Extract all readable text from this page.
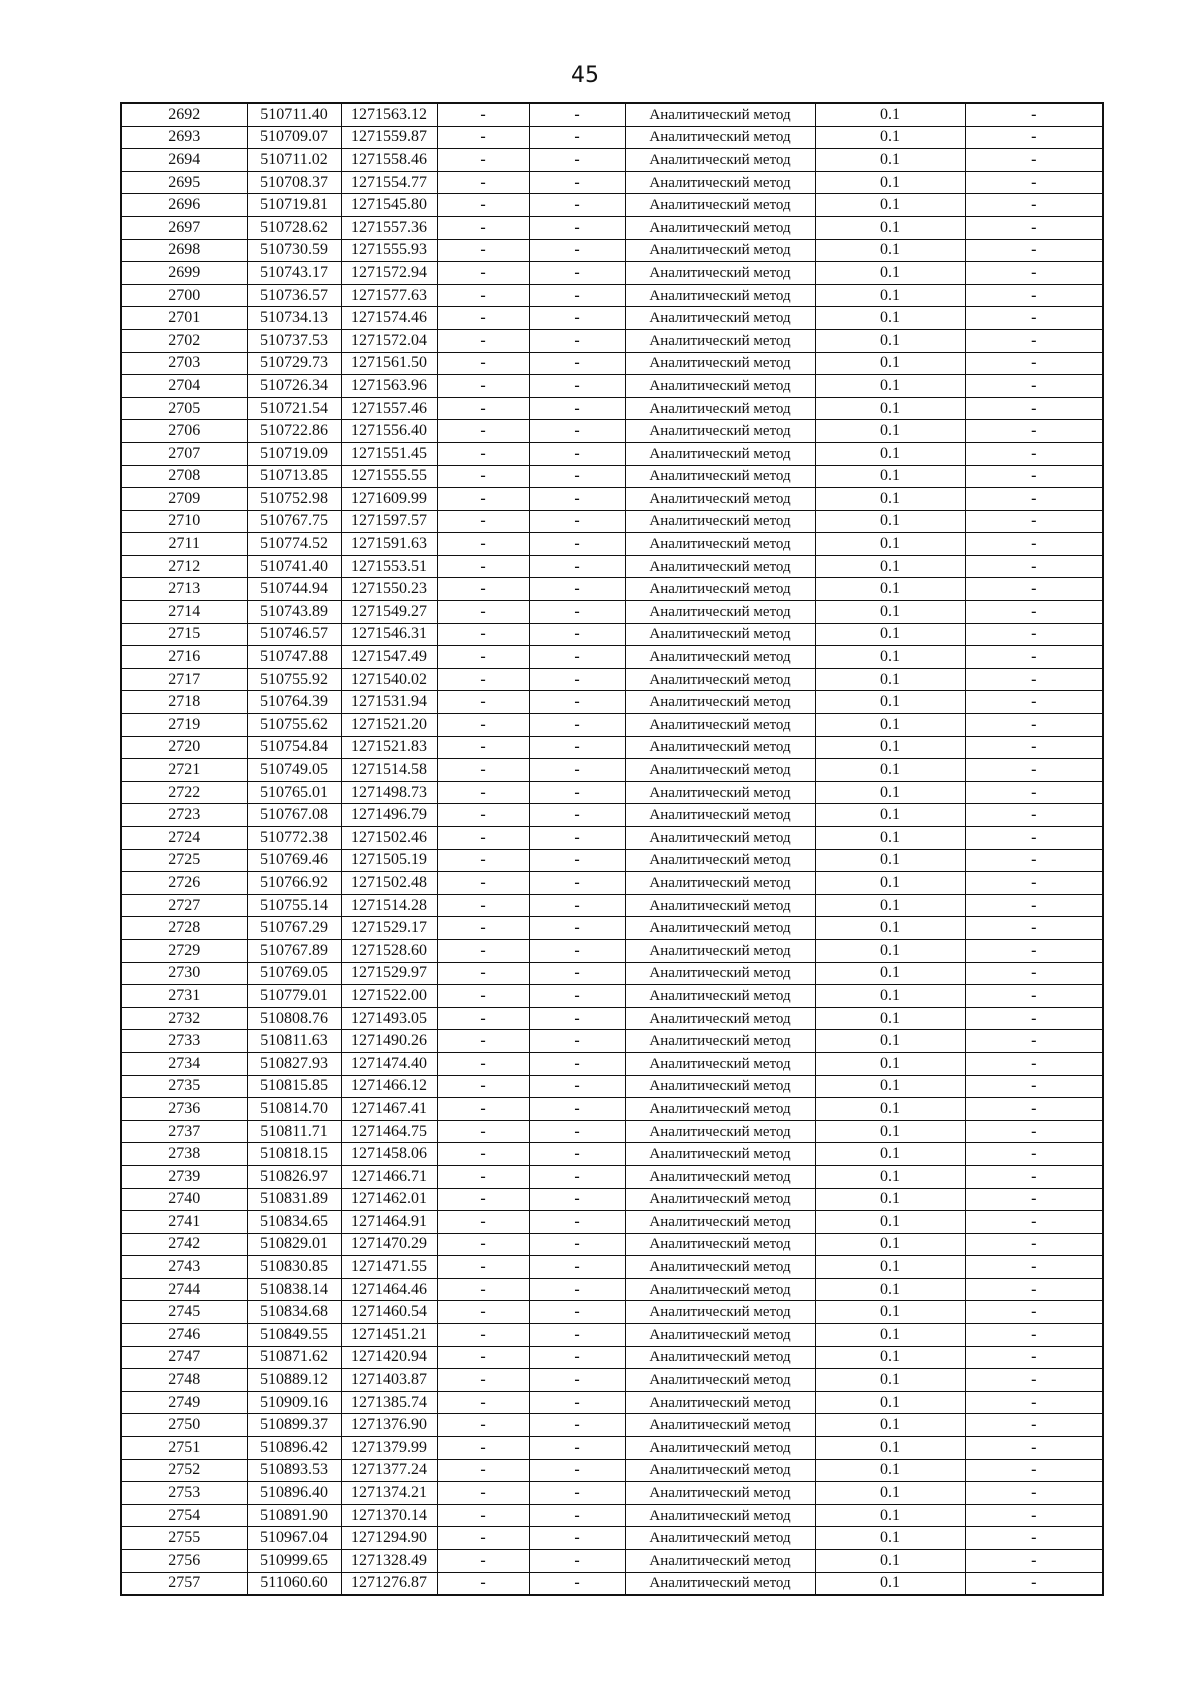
45
2692	510711.40	1271563.12	-	-	Аналитический метод	0.1	-
2693	510709.07	1271559.87	-	-	Аналитический метод	0.1	-
2694	510711.02	1271558.46	-	-	Аналитический метод	0.1	-
2695	510708.37	1271554.77	-	-	Аналитический метод	0.1	-
2696	510719.81	1271545.80	-	-	Аналитический метод	0.1	-
2697	510728.62	1271557.36	-	-	Аналитический метод	0.1	-
2698	510730.59	1271555.93	-	-	Аналитический метод	0.1	-
2699	510743.17	1271572.94	-	-	Аналитический метод	0.1	-
2700	510736.57	1271577.63	-	-	Аналитический метод	0.1	-
2701	510734.13	1271574.46	-	-	Аналитический метод	0.1	-
2702	510737.53	1271572.04	-	-	Аналитический метод	0.1	-
2703	510729.73	1271561.50	-	-	Аналитический метод	0.1	-
2704	510726.34	1271563.96	-	-	Аналитический метод	0.1	-
2705	510721.54	1271557.46	-	-	Аналитический метод	0.1	-
2706	510722.86	1271556.40	-	-	Аналитический метод	0.1	-
2707	510719.09	1271551.45	-	-	Аналитический метод	0.1	-
2708	510713.85	1271555.55	-	-	Аналитический метод	0.1	-
2709	510752.98	1271609.99	-	-	Аналитический метод	0.1	-
2710	510767.75	1271597.57	-	-	Аналитический метод	0.1	-
2711	510774.52	1271591.63	-	-	Аналитический метод	0.1	-
2712	510741.40	1271553.51	-	-	Аналитический метод	0.1	-
2713	510744.94	1271550.23	-	-	Аналитический метод	0.1	-
2714	510743.89	1271549.27	-	-	Аналитический метод	0.1	-
2715	510746.57	1271546.31	-	-	Аналитический метод	0.1	-
2716	510747.88	1271547.49	-	-	Аналитический метод	0.1	-
2717	510755.92	1271540.02	-	-	Аналитический метод	0.1	-
2718	510764.39	1271531.94	-	-	Аналитический метод	0.1	-
2719	510755.62	1271521.20	-	-	Аналитический метод	0.1	-
2720	510754.84	1271521.83	-	-	Аналитический метод	0.1	-
2721	510749.05	1271514.58	-	-	Аналитический метод	0.1	-
2722	510765.01	1271498.73	-	-	Аналитический метод	0.1	-
2723	510767.08	1271496.79	-	-	Аналитический метод	0.1	-
2724	510772.38	1271502.46	-	-	Аналитический метод	0.1	-
2725	510769.46	1271505.19	-	-	Аналитический метод	0.1	-
2726	510766.92	1271502.48	-	-	Аналитический метод	0.1	-
2727	510755.14	1271514.28	-	-	Аналитический метод	0.1	-
2728	510767.29	1271529.17	-	-	Аналитический метод	0.1	-
2729	510767.89	1271528.60	-	-	Аналитический метод	0.1	-
2730	510769.05	1271529.97	-	-	Аналитический метод	0.1	-
2731	510779.01	1271522.00	-	-	Аналитический метод	0.1	-
2732	510808.76	1271493.05	-	-	Аналитический метод	0.1	-
2733	510811.63	1271490.26	-	-	Аналитический метод	0.1	-
2734	510827.93	1271474.40	-	-	Аналитический метод	0.1	-
2735	510815.85	1271466.12	-	-	Аналитический метод	0.1	-
2736	510814.70	1271467.41	-	-	Аналитический метод	0.1	-
2737	510811.71	1271464.75	-	-	Аналитический метод	0.1	-
2738	510818.15	1271458.06	-	-	Аналитический метод	0.1	-
2739	510826.97	1271466.71	-	-	Аналитический метод	0.1	-
2740	510831.89	1271462.01	-	-	Аналитический метод	0.1	-
2741	510834.65	1271464.91	-	-	Аналитический метод	0.1	-
2742	510829.01	1271470.29	-	-	Аналитический метод	0.1	-
2743	510830.85	1271471.55	-	-	Аналитический метод	0.1	-
2744	510838.14	1271464.46	-	-	Аналитический метод	0.1	-
2745	510834.68	1271460.54	-	-	Аналитический метод	0.1	-
2746	510849.55	1271451.21	-	-	Аналитический метод	0.1	-
2747	510871.62	1271420.94	-	-	Аналитический метод	0.1	-
2748	510889.12	1271403.87	-	-	Аналитический метод	0.1	-
2749	510909.16	1271385.74	-	-	Аналитический метод	0.1	-
2750	510899.37	1271376.90	-	-	Аналитический метод	0.1	-
2751	510896.42	1271379.99	-	-	Аналитический метод	0.1	-
2752	510893.53	1271377.24	-	-	Аналитический метод	0.1	-
2753	510896.40	1271374.21	-	-	Аналитический метод	0.1	-
2754	510891.90	1271370.14	-	-	Аналитический метод	0.1	-
2755	510967.04	1271294.90	-	-	Аналитический метод	0.1	-
2756	510999.65	1271328.49	-	-	Аналитический метод	0.1	-
2757	511060.60	1271276.87	-	-	Аналитический метод	0.1	-
